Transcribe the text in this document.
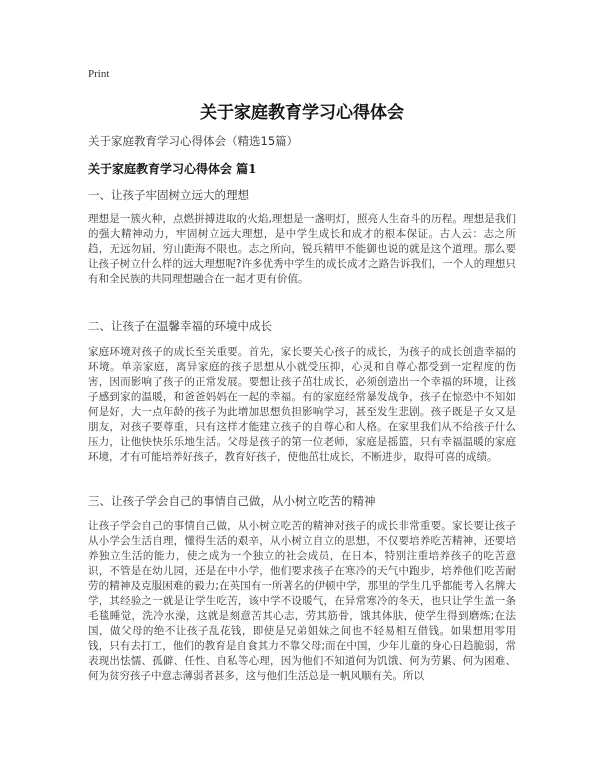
Print
关于家庭教育学习心得体会
关于家庭教育学习心得体会（精选15篇）
关于家庭教育学习心得体会 篇1
一、让孩子牢固树立远大的理想

理想是一簇火种，点燃拼搏进取的火焰,理想是一盏明灯，照亮人生奋斗的历程。理想是我们的强大精神动力，牢固树立远大理想，是中学生成长和成才的根本保证。古人云：志之所趋，无远勿届，穷山距海不限也。志之所向，锐兵精甲不能御也说的就是这个道理。那么要让孩子树立什么样的远大理想呢?许多优秀中学生的成长成才之路告诉我们，一个人的理想只有和全民族的共同理想融合在一起才更有价值。

二、让孩子在温馨幸福的环境中成长

家庭环境对孩子的成长至关重要。首先，家长要关心孩子的成长，为孩子的成长创造幸福的环境。单亲家庭，离异家庭的孩子思想从小就受压抑，心灵和自尊心都受到一定程度的伤害，因而影响了孩子的正常发展。要想让孩子茁壮成长，必须创造出一个幸福的环境，让孩子感到家的温暖，和爸爸妈妈在一起的幸福。有的家庭经常暴发战争，孩子在惊恐中不知如何是好，大一点年龄的孩子为此增加思想负担影响学习，甚至发生悲剧。孩子既是子女又是朋友，对孩子要尊重，只有这样才能建立孩子的自尊心和人格。在家里我们从不给孩子什么压力，让他快快乐乐地生活。父母是孩子的第一位老师，家庭是摇篮，只有幸福温暖的家庭环境，才有可能培养好孩子，教育好孩子，使他茁壮成长，不断进步，取得可喜的成绩。

三、让孩子学会自己的事情自己做，从小树立吃苦的精神

让孩子学会自己的事情自己做，从小树立吃苦的精神对孩子的成长非常重要。家长要让孩子从小学会生活自理，懂得生活的艰辛，从小树立自立的思想，不仅要培养吃苦精神，还要培养独立生活的能力，使之成为一个独立的社会成员，在日本，特别注重培养孩子的吃苦意识，不管是在幼儿园，还是在中小学，他们要求孩子在寒冷的天气中跑步，培养他们吃苦耐劳的精神及克服困难的毅力;在英国有一所著名的伊顿中学，那里的学生几乎都能考入名牌大学，其经验之一就是让学生吃苦，该中学不设暖气，在异常寒冷的冬天，也只让学生盖一条毛毯睡觉，洗冷水澡，这就是刻意苦其心志，劳其筋骨，饿其体肤，使学生得到磨炼;在法国，做父母的绝不让孩子乱花钱，即使是兄弟姐妹之间也不轻易相互借钱。如果想用零用钱，只有去打工，他们的教育是自食其力不靠父母;而在中国，少年儿童的身心日趋脆弱，常表现出怯懦、孤僻、任性、自私等心理，因为他们不知道何为饥饿、何为劳累、何为困难、何为贫穷孩子中意志薄弱者甚多，这与他们生活总是一帆风顺有关。所以
